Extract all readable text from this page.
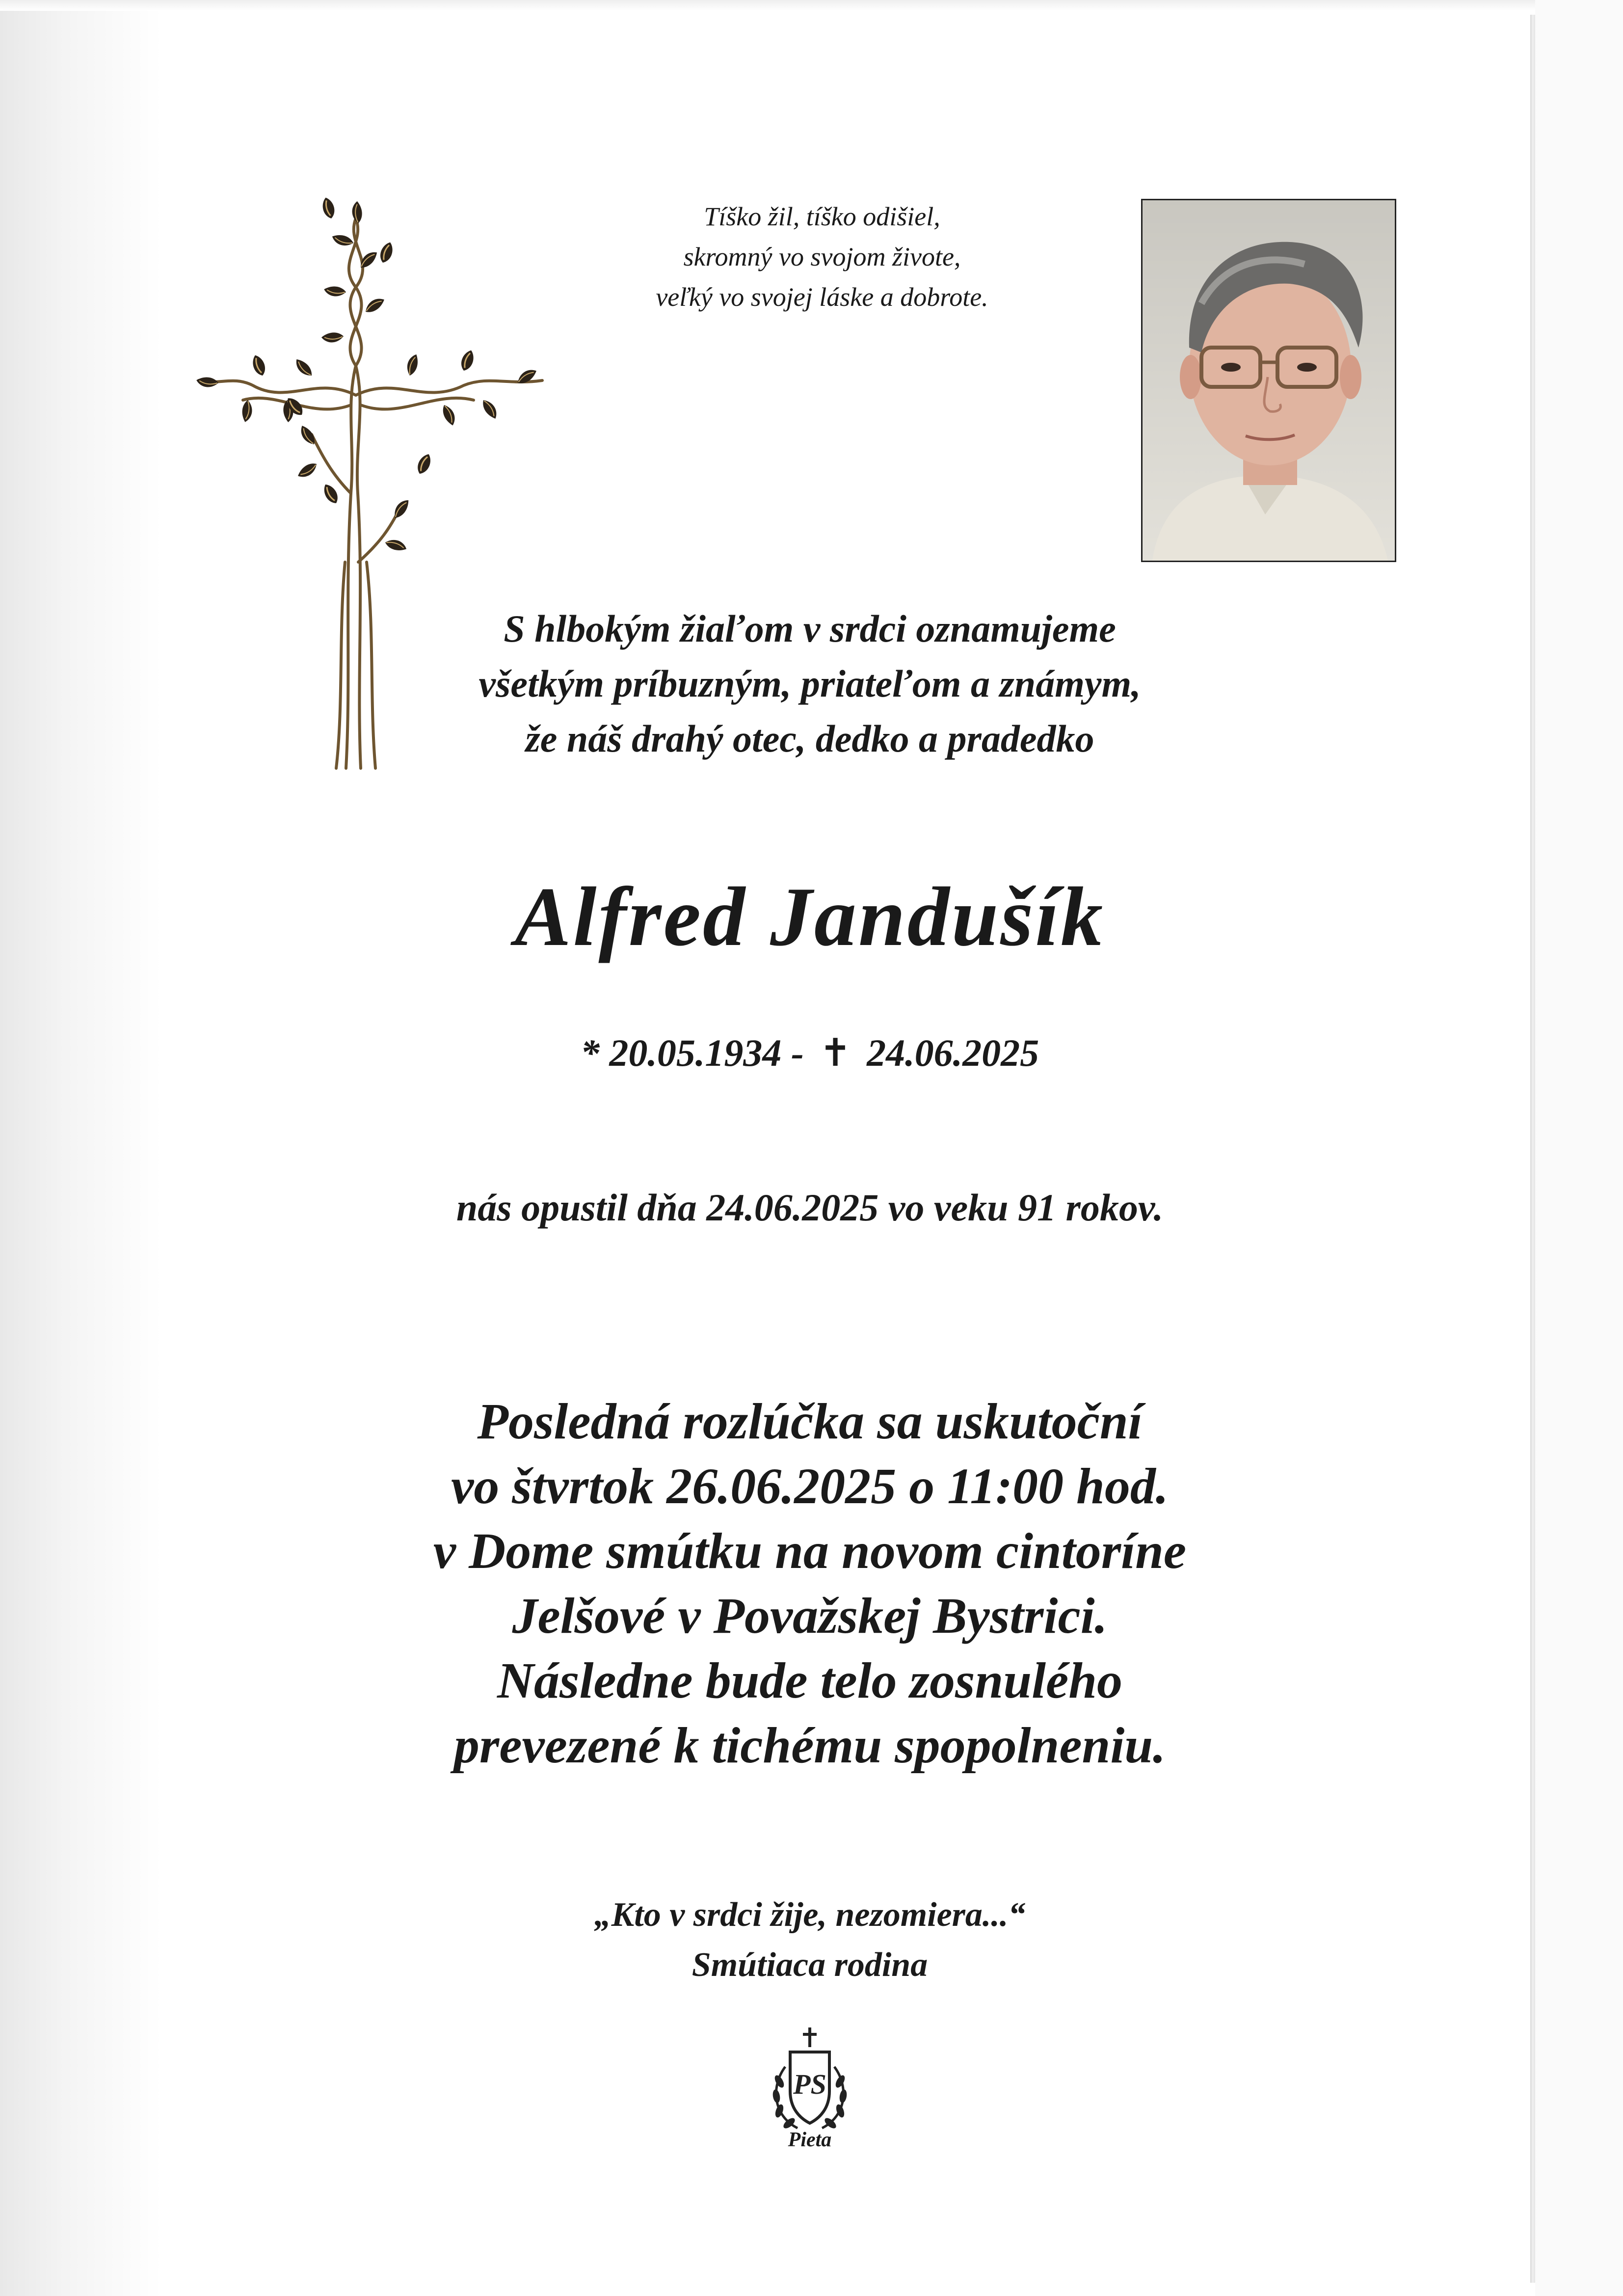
Tíško žil, tíško odišiel,
skromný vo svojom živote,
veľký vo svojej láske a dobrote.
S hlbokým žiaľom v srdci oznamujeme
všetkým príbuzným, priateľom a známym,
že náš drahý otec, dedko a pradedko
Alfred Jandušík
* 20.05.1934 - ✝ 24.06.2025
nás opustil dňa 24.06.2025 vo veku 91 rokov.
Posledná rozlúčka sa uskutoční
vo štvrtok 26.06.2025 o 11:00 hod.
v Dome smútku na novom cintoríne
Jelšové v Považskej Bystrici.
Následne bude telo zosnulého
prevezené k tichému spopolneniu.
„Kto v srdci žije, nezomiera...“
Smútiaca rodina
PS
Pieta
